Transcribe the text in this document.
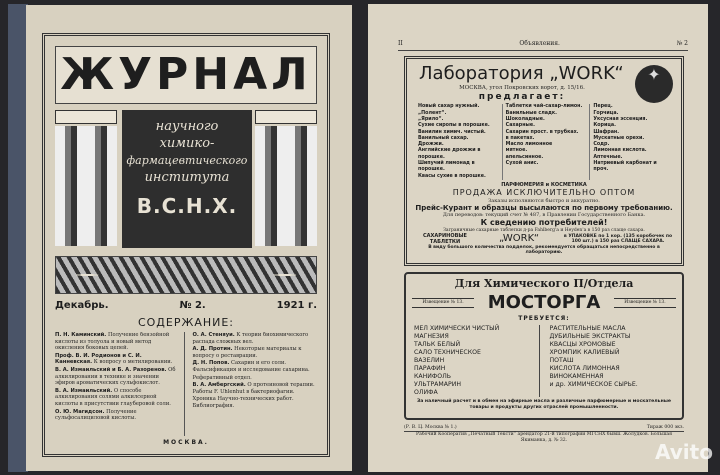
ЖУРНАЛ
научного
химико-
фармацевтического
института
В.С.Н.Х.
Декабрь.	№ 2.	1921 г.
СОДЕРЖАНИЕ:
П. Н. Каминский. Получение бензойной кислоты из толуола и новый метод окисления боковых цепей.
Проф. В. И. Родионов и С. И. Канневская. К вопросу о метилировании.
В. А. Измаильский и Б. А. Разоренов. Об алкилировании в технике и значении эфиров ароматических сульфокислот.
В. А. Измаильский. О способе алкилирования солями алкилсерной кислоты в присутствии глауберовой соли.
О. Ю. Магидсон. Получение сульфосалициловой кислоты.
О. А. Стеняуи. К теории биохимического распада сложных вел.
А. Д. Протин. Некоторые материалы к вопросу о реставрации.
Д. Н. Попов. Сахарин и его соли. Фальсификация и исследование сахарина.
Реферативный отдел.
В. А. Амбергский. О протеиновой терапии. Работы F. Uhlenhut в бактериофагии.
Хроника Научно-технических работ. Библиография.
МОСКВА.
II	Объявления.	№ 2
Лаборатория „WORK“	✦
МОСКВА, угол Покровских ворот, д. 15/16.
предлагает:
Новый сахар нужный.
„Полент“.
„Ярило“.
Сухие сиропы в порошке.
Ванилин химич. чистый.
Ванильный сахар.
Дрожжи.
Английские дрожжи в порошке.
Шипучий лимонад в порошке.
Квасы сухие в порошке.
Таблетки чай-сахар-лимон.
Ванильные сладк.
Шоколадные.
Сахарные.
Сахарин прост. в трубках.
в пакетах.
Масло лимонное
мятное.
апельсинное.
Сухой анис.
Перец.
Горчица.
Уксусная эссенция.
Корица.
Шафран.
Мускатные орехи.
Содр.
Лимонная кислота.
Аптечные.
Натриевый карбонат и проч.
ПАРФЮМЕРИЯ и КОСМЕТИКА
ПРОДАЖА ИСКЛЮЧИТЕЛЬНО ОПТОМ
Заказы исполняются быстро и аккуратно.
Прейс-Курант и образцы высылаются по первому требованию.
Для переводов: текущий счет № 487, в Правлении Государственного Банка.
К сведению потребителей!
Заграничные сахарные таблетки д-ра Fahlberg'a и Heyden'a в 150 раз слаще сахара.
САХАРИНОВЫЕ ТАБЛЕТКИ	„WORK“	в УПАКОВКЕ по 1 кор. (135 коробочек по 100 шт.) в 150 раз СЛАЩЕ САХАРА.
В виду большого количества подделок, рекомендуется обращаться непосредственно в лабораторию.
Для Химического П/Отдела
Извещение № 13.	МОСТОРГА	Извещение № 13.
ТРЕБУЕТСЯ:
МЕЛ ХИМИЧЕСКИ ЧИСТЫЙ
МАГНЕЗИЯ
ТАЛЬК БЕЛЫЙ
САЛО ТЕХНИЧЕСКОЕ
ВАЗЕЛИН
ПАРАФИН
КАНИФОЛЬ
УЛЬТРАМАРИН
ОЛИФА
РАСТИТЕЛЬНЫЕ МАСЛА
ДУБИЛЬНЫЕ ЭКСТРАКТЫ
КВАСЦЫ ХРОМОВЫЕ
ХРОМПИК КАЛИЕВЫЙ
ПОТАШ
КИСЛОТА ЛИМОННАЯ
ВИНОКАМЕННАЯ
и др. ХИМИЧЕСКОЕ СЫРЬЕ.
За наличный расчет и в обмен на эфирные масла и различные парфюмерные и москательные товары и продукты других отраслей промышленности.
(Р. В. Ц. Москва № 1.)	Тираж 000 экз.
Рабочий Кооператив „Печатный Тексти“ арендатор 21-й типографии МГСНХ бывш. Жолудков. Большая Якиманка, д. № 32.	Avito
